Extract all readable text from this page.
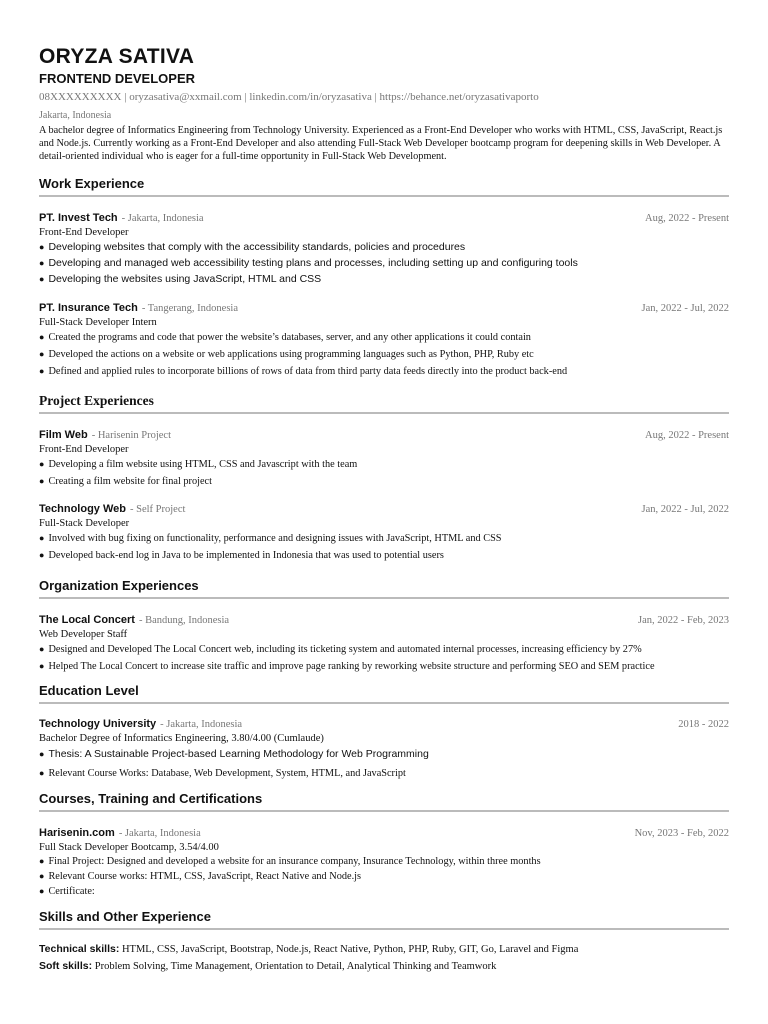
ORYZA SATIVA
FRONTEND DEVELOPER
08XXXXXXXXX | oryzasativa@xxmail.com | linkedin.com/in/oryzasativa | https://behance.net/oryzasativaporto
Jakarta, Indonesia
A bachelor degree of Informatics Engineering from Technology University. Experienced as a Front-End Developer who works with HTML, CSS, JavaScript, React.js and Node.js. Currently working as a Front-End Developer and also attending Full-Stack Web Developer bootcamp program for deepening skills in Web Developer. A detail-oriented individual who is eager for a full-time opportunity in Full-Stack Web Development.
Work Experience
PT. Invest Tech - Jakarta, Indonesia	Aug, 2022 - Present
Front-End Developer
● Developing websites that comply with the accessibility standards, policies and procedures
● Developing and managed web accessibility testing plans and processes, including setting up and configuring tools
● Developing the websites using JavaScript, HTML and CSS
PT. Insurance Tech - Tangerang, Indonesia	Jan, 2022 - Jul, 2022
Full-Stack Developer Intern
● Created the programs and code that power the website’s databases, server, and any other applications it could contain
● Developed the actions on a website or web applications using programming languages such as Python, PHP, Ruby etc
● Defined and applied rules to incorporate billions of rows of data from third party data feeds directly into the product back-end
Project Experiences
Film Web - Harisenin Project	Aug, 2022 - Present
Front-End Developer
● Developing a film website using HTML, CSS and Javascript with the team
● Creating a film website for final project
Technology Web - Self Project	Jan, 2022 - Jul, 2022
Full-Stack Developer
● Involved with bug fixing on functionality, performance and designing issues with JavaScript, HTML and CSS
● Developed back-end log in Java to be implemented in Indonesia that was used to potential users
Organization Experiences
The Local Concert - Bandung, Indonesia	Jan, 2022 - Feb, 2023
Web Developer Staff
● Designed and Developed The Local Concert web, including its ticketing system and automated internal processes, increasing efficiency by 27%
● Helped The Local Concert to increase site traffic and improve page ranking by reworking website structure and performing SEO and SEM practice
Education Level
Technology University - Jakarta, Indonesia	2018 - 2022
Bachelor Degree of Informatics Engineering, 3.80/4.00 (Cumlaude)
● Thesis: A Sustainable Project-based Learning Methodology for Web Programming
● Relevant Course Works: Database, Web Development, System, HTML, and JavaScript
Courses, Training and Certifications
Harisenin.com - Jakarta, Indonesia	Nov, 2023 - Feb, 2022
Full Stack Developer Bootcamp, 3.54/4.00
● Final Project: Designed and developed a website for an insurance company, Insurance Technology, within three months
● Relevant Course works: HTML, CSS, JavaScript, React Native and Node.js
● Certificate:
Skills and Other Experience
Technical skills: HTML, CSS, JavaScript, Bootstrap, Node.js, React Native, Python, PHP, Ruby, GIT, Go, Laravel and Figma
Soft skills: Problem Solving, Time Management, Orientation to Detail, Analytical Thinking and Teamwork
